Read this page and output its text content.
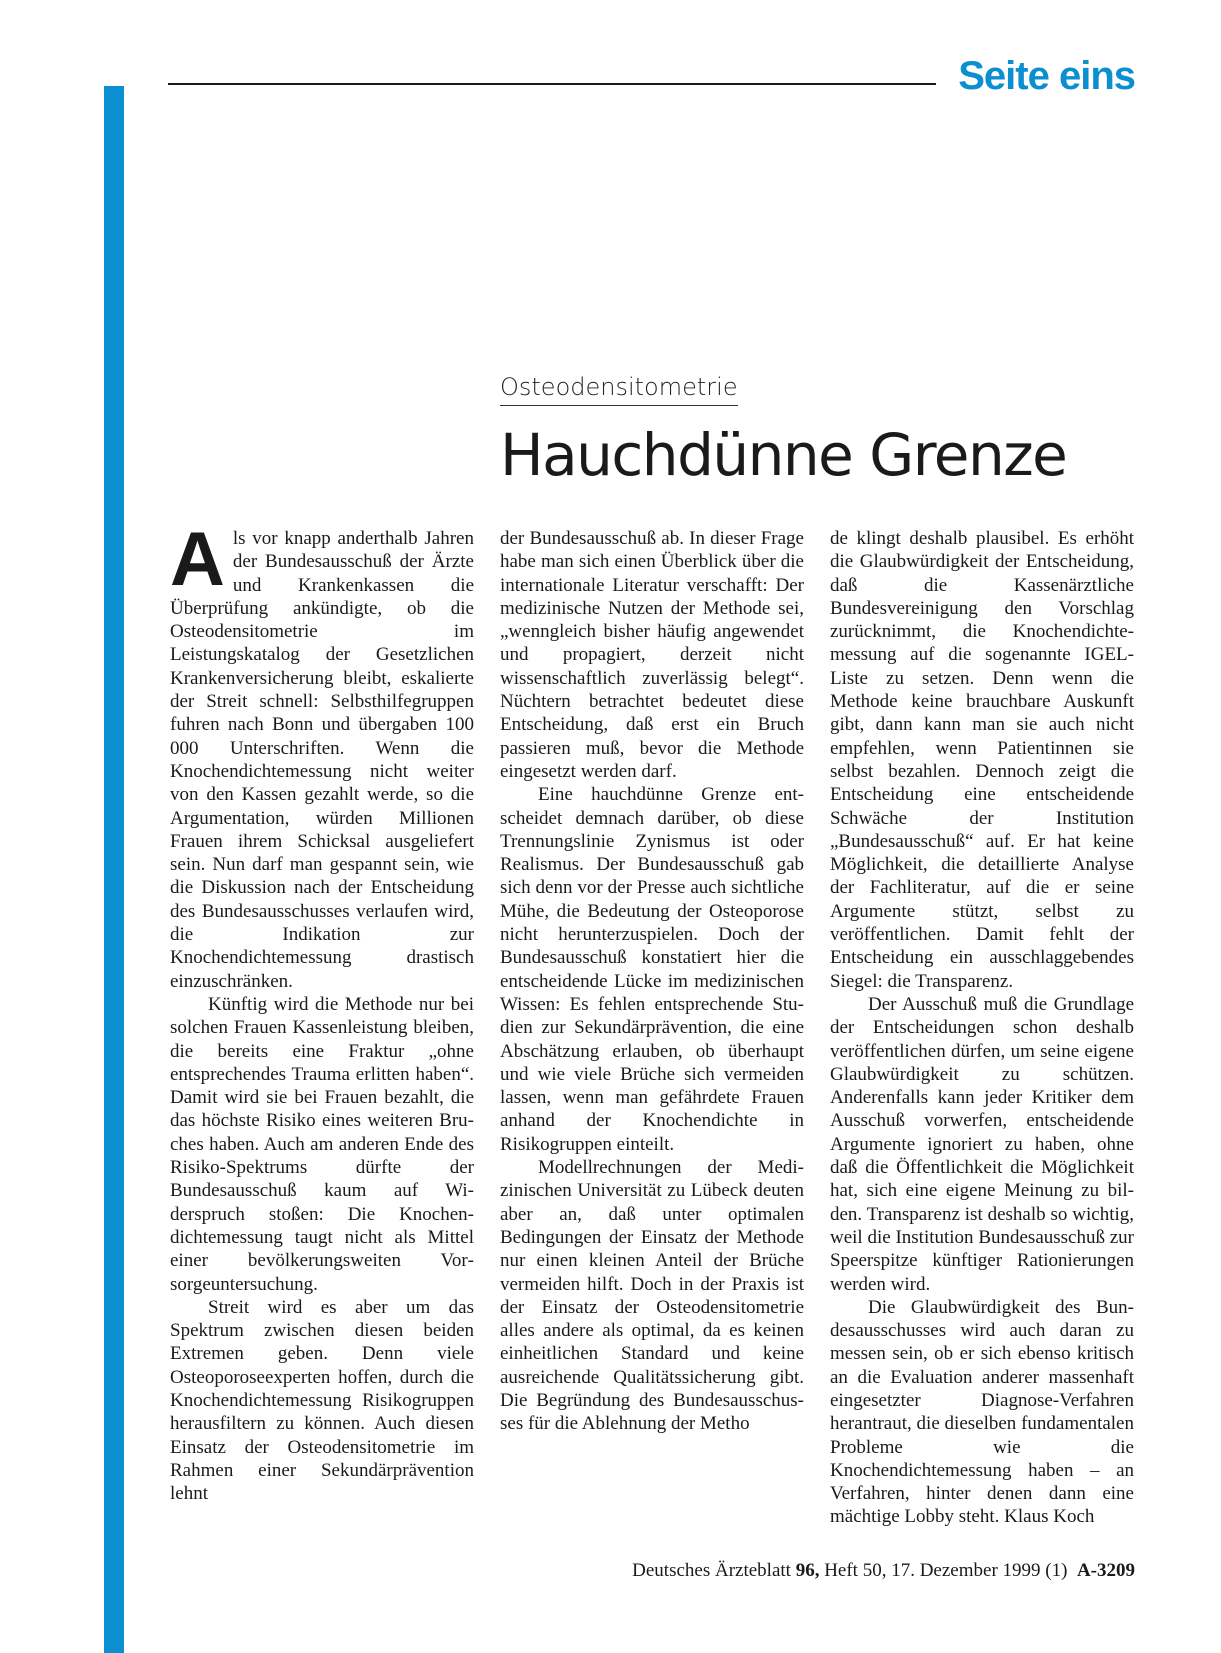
Seite eins

Osteodensitometrie

Hauchdünne Grenze

Als vor knapp anderthalb Jahren der Bundesausschuß der Ärzte und Krankenkassen die Überprüfung ankündigte, ob die Osteodensitometrie im Leistungskatalog der Gesetzlichen Krankenversicherung bleibt, eskalierte der Streit schnell: Selbsthilfegruppen fuhren nach Bonn und übergaben 100 000 Unterschriften. Wenn die Knochendichtemessung nicht weiter von den Kassen gezahlt werde, so die Argumentation, würden Millionen Frauen ihrem Schicksal ausgeliefert sein. Nun darf man gespannt sein, wie die Diskussion nach der Entscheidung des Bundesausschusses verlaufen wird, die Indikation zur Knochendichtemessung drastisch einzuschränken.

Künftig wird die Methode nur bei solchen Frauen Kassenleistung bleiben, die bereits eine Fraktur „ohne entsprechendes Trauma erlitten haben“. Damit wird sie bei Frauen bezahlt, die das höchste Risiko eines weiteren Bruches haben. Auch am anderen Ende des Risiko-Spektrums dürfte der Bundesausschuß kaum auf Widerspruch stoßen: Die Knochendichtemessung taugt nicht als Mittel einer bevölkerungsweiten Vorsorgeuntersuchung.

Streit wird es aber um das Spektrum zwischen diesen beiden Extremen geben. Denn viele Osteoporoseexperten hoffen, durch die Knochendichtemessung Risikogruppen herausfiltern zu können. Auch diesen Einsatz der Osteodensitometrie im Rahmen einer Sekundärprävention lehnt

der Bundesausschuß ab. In dieser Frage habe man sich einen Überblick über die internationale Literatur verschafft: Der medizinische Nutzen der Methode sei, „wenngleich bisher häufig angewendet und propagiert, derzeit nicht wissenschaftlich zuverlässig belegt“. Nüchtern betrachtet bedeutet diese Entscheidung, daß erst ein Bruch passieren muß, bevor die Methode eingesetzt werden darf.

Eine hauchdünne Grenze entscheidet demnach darüber, ob diese Trennungslinie Zynismus ist oder Realismus. Der Bundesausschuß gab sich denn vor der Presse auch sichtliche Mühe, die Bedeutung der Osteoporose nicht herunterzuspielen. Doch der Bundesausschuß konstatiert hier die entscheidende Lücke im medizinischen Wissen: Es fehlen entsprechende Studien zur Sekundärprävention, die eine Abschätzung erlauben, ob überhaupt und wie viele Brüche sich vermeiden lassen, wenn man gefährdete Frauen anhand der Knochendichte in Risikogruppen einteilt.

Modellrechnungen der Medizinischen Universität zu Lübeck deuten aber an, daß unter optimalen Bedingungen der Einsatz der Methode nur einen kleinen Anteil der Brüche vermeiden hilft. Doch in der Praxis ist der Einsatz der Osteodensitometrie alles andere als optimal, da es keinen einheitlichen Standard und keine ausreichende Qualitätssicherung gibt. Die Begründung des Bundesausschusses für die Ablehnung der Metho

de klingt deshalb plausibel. Es erhöht die Glaubwürdigkeit der Entscheidung, daß die Kassenärztliche Bundesvereinigung den Vorschlag zurücknimmt, die Knochendichtemessung auf die sogenannte IGEL-Liste zu setzen. Denn wenn die Methode keine brauchbare Auskunft gibt, dann kann man sie auch nicht empfehlen, wenn Patientinnen sie selbst bezahlen. Dennoch zeigt die Entscheidung eine entscheidende Schwäche der Institution „Bundesausschuß“ auf. Er hat keine Möglichkeit, die detaillierte Analyse der Fachliteratur, auf die er seine Argumente stützt, selbst zu veröffentlichen. Damit fehlt der Entscheidung ein ausschlaggebendes Siegel: die Transparenz.

Der Ausschuß muß die Grundlage der Entscheidungen schon deshalb veröffentlichen dürfen, um seine eigene Glaubwürdigkeit zu schützen. Anderenfalls kann jeder Kritiker dem Ausschuß vorwerfen, entscheidende Argumente ignoriert zu haben, ohne daß die Öffentlichkeit die Möglichkeit hat, sich eine eigene Meinung zu bilden. Transparenz ist deshalb so wichtig, weil die Institution Bundesausschuß zur Speerspitze künftiger Rationierungen werden wird.

Die Glaubwürdigkeit des Bundesausschusses wird auch daran zu messen sein, ob er sich ebenso kritisch an die Evaluation anderer massenhaft eingesetzter Diagnose-Verfahren herantraut, die dieselben fundamentalen Probleme wie die Knochendichtemessung haben – an Verfahren, hinter denen dann eine mächtige Lobby steht. Klaus Koch

Deutsches Ärzteblatt 96, Heft 50, 17. Dezember 1999 (1) A-3209
